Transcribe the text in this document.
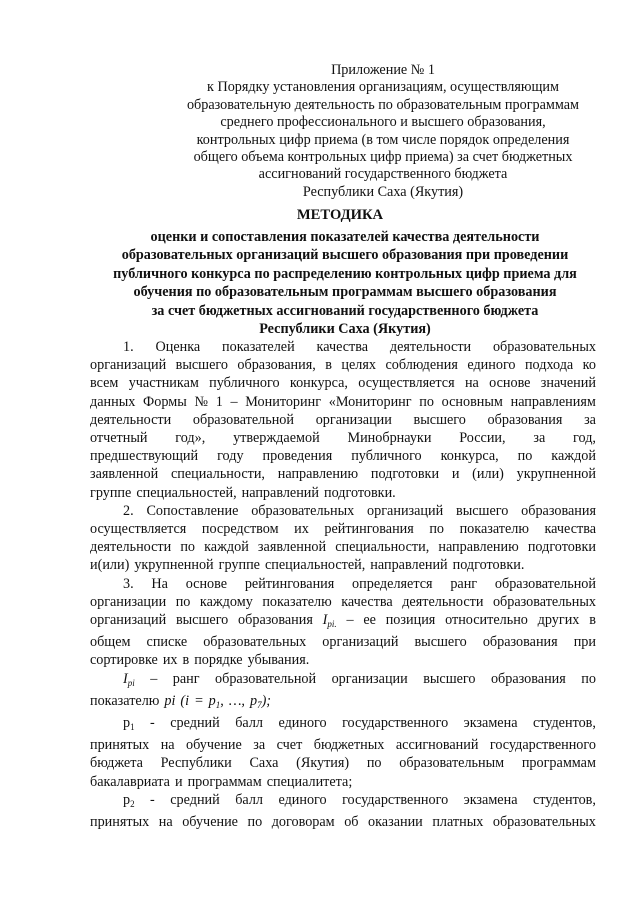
Приложение № 1
к Порядку установления организациям, осуществляющим
образовательную деятельность по образовательным программам
среднего профессионального и высшего образования,
контрольных цифр приема (в том числе порядок определения
общего объема контрольных цифр приема) за счет бюджетных
ассигнований государственного бюджета
Республики Саха (Якутия)
МЕТОДИКА
оценки и сопоставления показателей качества деятельности
образовательных организаций высшего образования при проведении
публичного конкурса по распределению контрольных цифр приема для
обучения по образовательным программам высшего образования
за счет бюджетных ассигнований государственного бюджета
Республики Саха (Якутия)
1. Оценка показателей качества деятельности образовательных
организаций высшего образования, в целях соблюдения единого подхода ко
всем участникам публичного конкурса, осуществляется на основе значений
данных Формы № 1 – Мониторинг «Мониторинг по основным направлениям
деятельности образовательной организации высшего образования за
отчетный год», утверждаемой Минобрнауки России, за год,
предшествующий году проведения публичного конкурса, по каждой
заявленной специальности, направлению подготовки и (или) укрупненной
группе специальностей, направлений подготовки.
2. Сопоставление образовательных организаций высшего образования
осуществляется посредством их рейтингования по показателю качества
деятельности по каждой заявленной специальности, направлению подготовки
и(или) укрупненной группе специальностей, направлений подготовки.
3. На основе рейтингования определяется ранг образовательной
организации по каждому показателю качества деятельности образовательных
организаций высшего образования $I_{pi.}$ – ее позиция относительно других в
общем списке образовательных организаций высшего образования при
сортировке их в порядке убывания.
$I_{pi}$ – ранг образовательной организации высшего образования по
показателю pi ($i = p_1$, …, $p_7$);
$p_1$ - средний балл единого государственного экзамена студентов,
принятых на обучение за счет бюджетных ассигнований государственного
бюджета Республики Саха (Якутия) по образовательным программам
бакалавриата и программам специалитета;
$p_2$ - средний балл единого государственного экзамена студентов,
принятых на обучение по договорам об оказании платных образовательных
